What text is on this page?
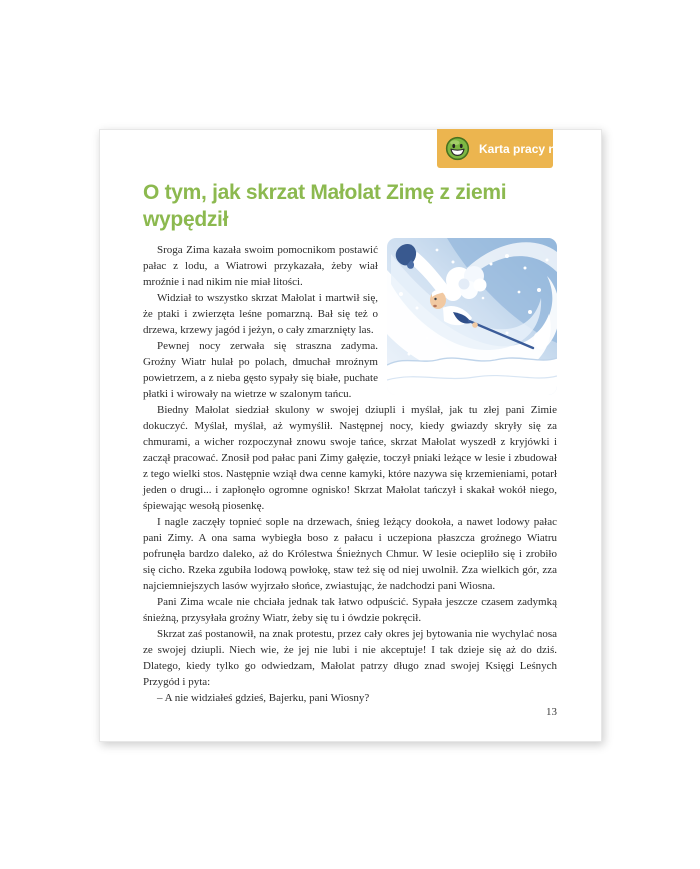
Karta pracy nr 4
O tym, jak skrzat Małolat Zimę z ziemi
wypędził

Sroga Zima kazała swoim pomocnikom postawić pałac z lodu, a Wiatrowi przykazała, żeby wiał mroźnie i nad nikim nie miał litości.

Widział to wszystko skrzat Małolat i martwił się, że ptaki i zwierzęta leśne pomarzną. Bał się też o drzewa, krzewy jagód i jeżyn, o cały zmarznięty las.

Pewnej nocy zerwała się straszna zadyma. Groźny Wiatr hulał po polach, dmuchał mroźnym powietrzem, a z nieba gęsto sypały się białe, puchate płatki i wirowały na wietrze w szalonym tańcu.

Biedny Małolat siedział skulony w swojej dziupli i myślał, jak tu złej pani Zimie dokuczyć. Myślał, myślał, aż wymyślił. Następnej nocy, kiedy gwiazdy skryły się za chmurami, a wicher rozpoczynał znowu swoje tańce, skrzat Małolat wyszedł z kryjówki i zaczął pracować. Znosił pod pałac pani Zimy gałęzie, toczył pniaki leżące w lesie i zbudował z tego wielki stos. Następnie wziął dwa cenne kamyki, które nazywa się krzemieniami, potarł jeden o drugi... i zapłonęło ogromne ognisko! Skrzat Małolat tańczył i skakał wokół niego, śpiewając wesołą piosenkę.

I nagle zaczęły topnieć sople na drzewach, śnieg leżący dookoła, a nawet lodowy pałac pani Zimy. A ona sama wybiegła boso z pałacu i uczepiona płaszcza groźnego Wiatru pofrunęła bardzo daleko, aż do Królestwa Śnieżnych Chmur. W lesie ociepliło się i zrobiło się cicho. Rzeka zgubiła lodową powłokę, staw też się od niej uwolnił. Zza wielkich gór, zza najciemniejszych lasów wyjrzało słońce, zwiastując, że nadchodzi pani Wiosna.

Pani Zima wcale nie chciała jednak tak łatwo odpuścić. Sypała jeszcze czasem zadymką śnieżną, przysyłała groźny Wiatr, żeby się tu i ówdzie pokręcił.

Skrzat zaś postanowił, na znak protestu, przez cały okres jej bytowania nie wychylać nosa ze swojej dziupli. Niech wie, że jej nie lubi i nie akceptuje! I tak dzieje się aż do dziś. Dlatego, kiedy tylko go odwiedzam, Małolat patrzy długo znad swojej Księgi Leśnych Przygód i pyta:

– A nie widziałeś gdzieś, Bajerku, pani Wiosny?

13
